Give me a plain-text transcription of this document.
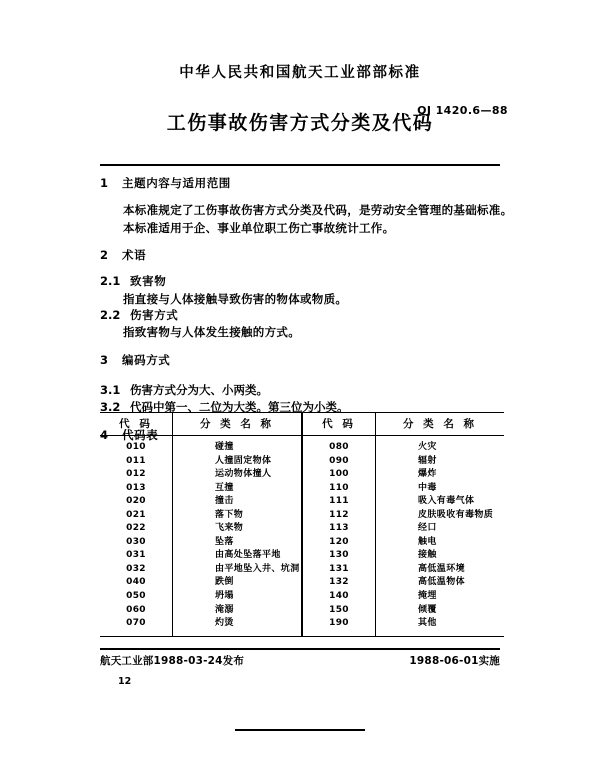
中华人民共和国航天工业部部标准
工伤事故伤害方式分类及代码
QJ 1420.6—88
1 主题内容与适用范围
本标准规定了工伤事故伤害方式分类及代码，是劳动安全管理的基础标准。
本标准适用于企、事业单位职工伤亡事故统计工作。
2 术语
2.1 致害物
指直接与人体接触导致伤害的物体或物质。
2.2 伤害方式
指致害物与人体发生接触的方式。
3 编码方式
3.1 伤害方式分为大、小两类。
3.2 代码中第一、二位为大类。第三位为小类。
4 代码表
代 码	分 类 名 称	代 码	分 类 名 称
010	碰撞	080	火灾
011	人撞固定物体	090	辐射
012	运动物体撞人	100	爆炸
013	互撞	110	中毒
020	撞击	111	吸入有毒气体
021	落下物	112	皮肤吸收有毒物质
022	飞来物	113	经口
030	坠落	120	触电
031	由高处坠落平地	130	接触
032	由平地坠入井、坑洞	131	高低温环境
040	跌倒	132	高低温物体
050	坍塌	140	掩埋
060	淹溺	150	倾覆
070	灼烫	190	其他
航天工业部1988-03-24发布	1988-06-01实施
12
